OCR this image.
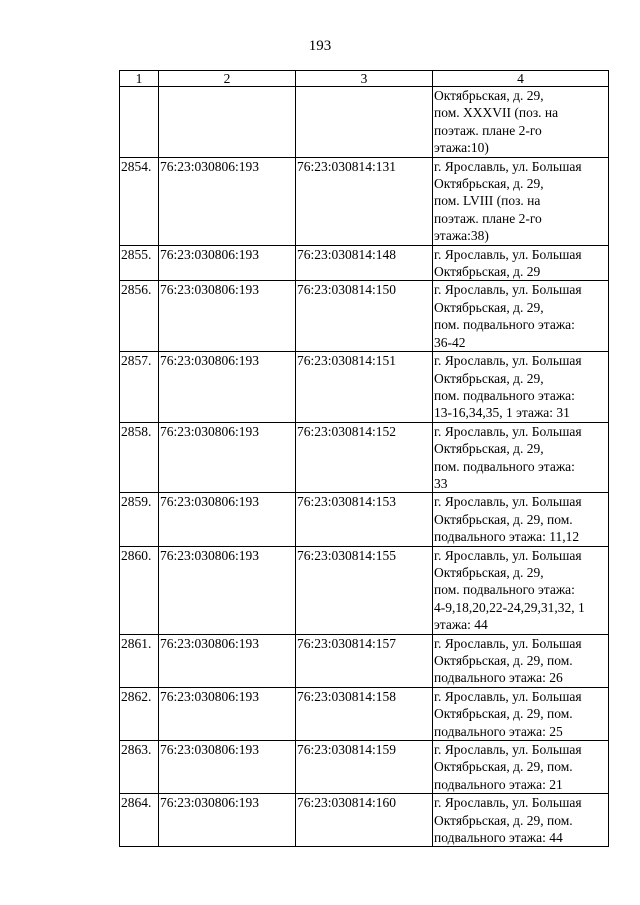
193
1	2	3	4

			Октябрьская, д. 29,
пом. XXXVII (поз. на
поэтаж. плане 2-го
этажа:10)

2854.	76:23:030806:193	76:23:030814:131	г. Ярославль, ул. Большая
Октябрьская, д. 29,
пом. LVIII (поз. на
поэтаж. плане 2-го
этажа:38)

2855.	76:23:030806:193	76:23:030814:148	г. Ярославль, ул. Большая
Октябрьская, д. 29

2856.	76:23:030806:193	76:23:030814:150	г. Ярославль, ул. Большая
Октябрьская, д. 29,
пом. подвального этажа:
36-42

2857.	76:23:030806:193	76:23:030814:151	г. Ярославль, ул. Большая
Октябрьская, д. 29,
пом. подвального этажа:
13-16,34,35, 1 этажа: 31

2858.	76:23:030806:193	76:23:030814:152	г. Ярославль, ул. Большая
Октябрьская, д. 29,
пом. подвального этажа:
33

2859.	76:23:030806:193	76:23:030814:153	г. Ярославль, ул. Большая
Октябрьская, д. 29, пом.
подвального этажа: 11,12

2860.	76:23:030806:193	76:23:030814:155	г. Ярославль, ул. Большая
Октябрьская, д. 29,
пом. подвального этажа:
4-9,18,20,22-24,29,31,32, 1
этажа: 44

2861.	76:23:030806:193	76:23:030814:157	г. Ярославль, ул. Большая
Октябрьская, д. 29, пом.
подвального этажа: 26

2862.	76:23:030806:193	76:23:030814:158	г. Ярославль, ул. Большая
Октябрьская, д. 29, пом.
подвального этажа: 25

2863.	76:23:030806:193	76:23:030814:159	г. Ярославль, ул. Большая
Октябрьская, д. 29, пом.
подвального этажа: 21

2864.	76:23:030806:193	76:23:030814:160	г. Ярославль, ул. Большая
Октябрьская, д. 29, пом.
подвального этажа: 44
